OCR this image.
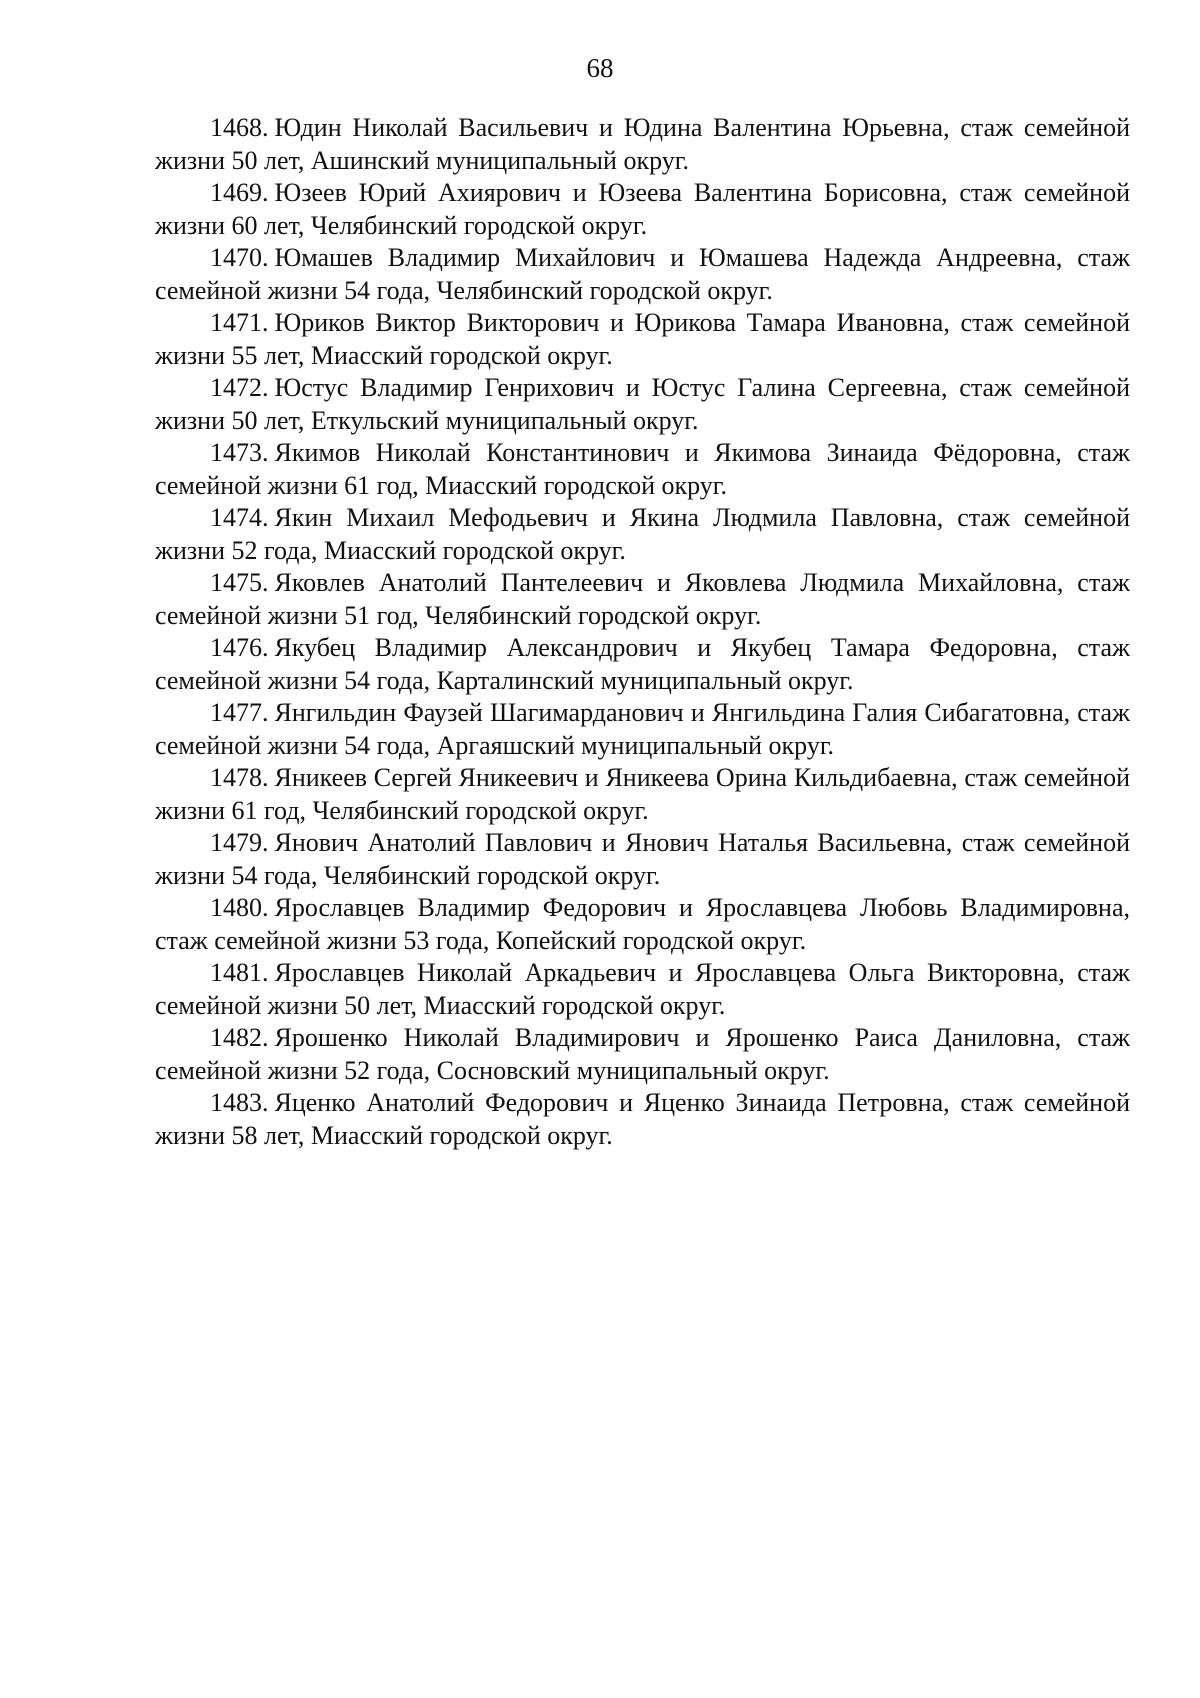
68

1468. Юдин Николай Васильевич и Юдина Валентина Юрьевна, стаж семейной жизни 50 лет, Ашинский муниципальный округ.

1469. Юзеев Юрий Ахиярович и Юзеева Валентина Борисовна, стаж семейной жизни 60 лет, Челябинский городской округ.

1470. Юмашев Владимир Михайлович и Юмашева Надежда Андреевна, стаж семейной жизни 54 года, Челябинский городской округ.

1471. Юриков Виктор Викторович и Юрикова Тамара Ивановна, стаж семейной жизни 55 лет, Миасский городской округ.

1472. Юстус Владимир Генрихович и Юстус Галина Сергеевна, стаж семейной жизни 50 лет, Еткульский муниципальный округ.

1473. Якимов Николай Константинович и Якимова Зинаида Фёдоровна, стаж семейной жизни 61 год, Миасский городской округ.

1474. Якин Михаил Мефодьевич и Якина Людмила Павловна, стаж семейной жизни 52 года, Миасский городской округ.

1475. Яковлев Анатолий Пантелеевич и Яковлева Людмила Михайловна, стаж семейной жизни 51 год, Челябинский городской округ.

1476. Якубец Владимир Александрович и Якубец Тамара Федоровна, стаж семейной жизни 54 года, Карталинский муниципальный округ.

1477. Янгильдин Фаузей Шагимарданович и Янгильдина Галия Сибагатовна, стаж семейной жизни 54 года, Аргаяшский муниципальный округ.

1478. Яникеев Сергей Яникеевич и Яникеева Орина Кильдибаевна, стаж семейной жизни 61 год, Челябинский городской округ.

1479. Янович Анатолий Павлович и Янович Наталья Васильевна, стаж семейной жизни 54 года, Челябинский городской округ.

1480. Ярославцев Владимир Федорович и Ярославцева Любовь Владимировна, стаж семейной жизни 53 года, Копейский городской округ.

1481. Ярославцев Николай Аркадьевич и Ярославцева Ольга Викторовна, стаж семейной жизни 50 лет, Миасский городской округ.

1482. Ярошенко Николай Владимирович и Ярошенко Раиса Даниловна, стаж семейной жизни 52 года, Сосновский муниципальный округ.

1483. Яценко Анатолий Федорович и Яценко Зинаида Петровна, стаж семейной жизни 58 лет, Миасский городской округ.
